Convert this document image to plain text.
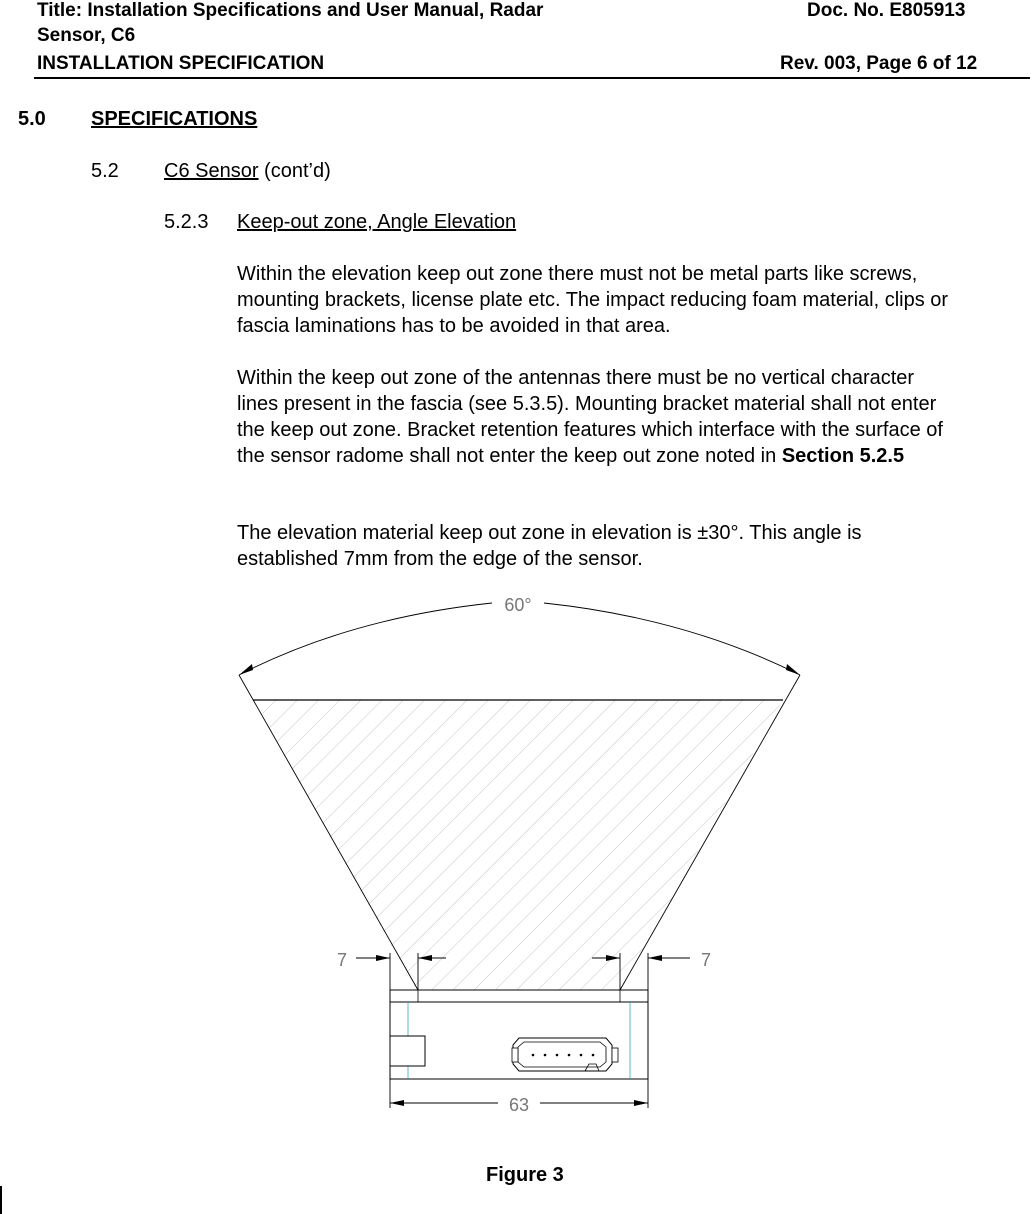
Title: Installation Specifications and User Manual, Radar
Sensor, C6
Doc. No. E805913
INSTALLATION SPECIFICATION	Rev. 003, Page 6 of 12
5.0 SPECIFICATIONS
5.2 C6 Sensor (cont’d)
5.2.3 Keep-out zone, Angle Elevation
Within the elevation keep out zone there must not be metal parts like screws,
mounting brackets, license plate etc. The impact reducing foam material, clips or
fascia laminations has to be avoided in that area.
Within the keep out zone of the antennas there must be no vertical character
lines present in the fascia (see 5.3.5). Mounting bracket material shall not enter
the keep out zone. Bracket retention features which interface with the surface of
the sensor radome shall not enter the keep out zone noted in Section 5.2.5
The elevation material keep out zone in elevation is ±30°. This angle is
established 7mm from the edge of the sensor.
60°
7	7
63
Figure 3
